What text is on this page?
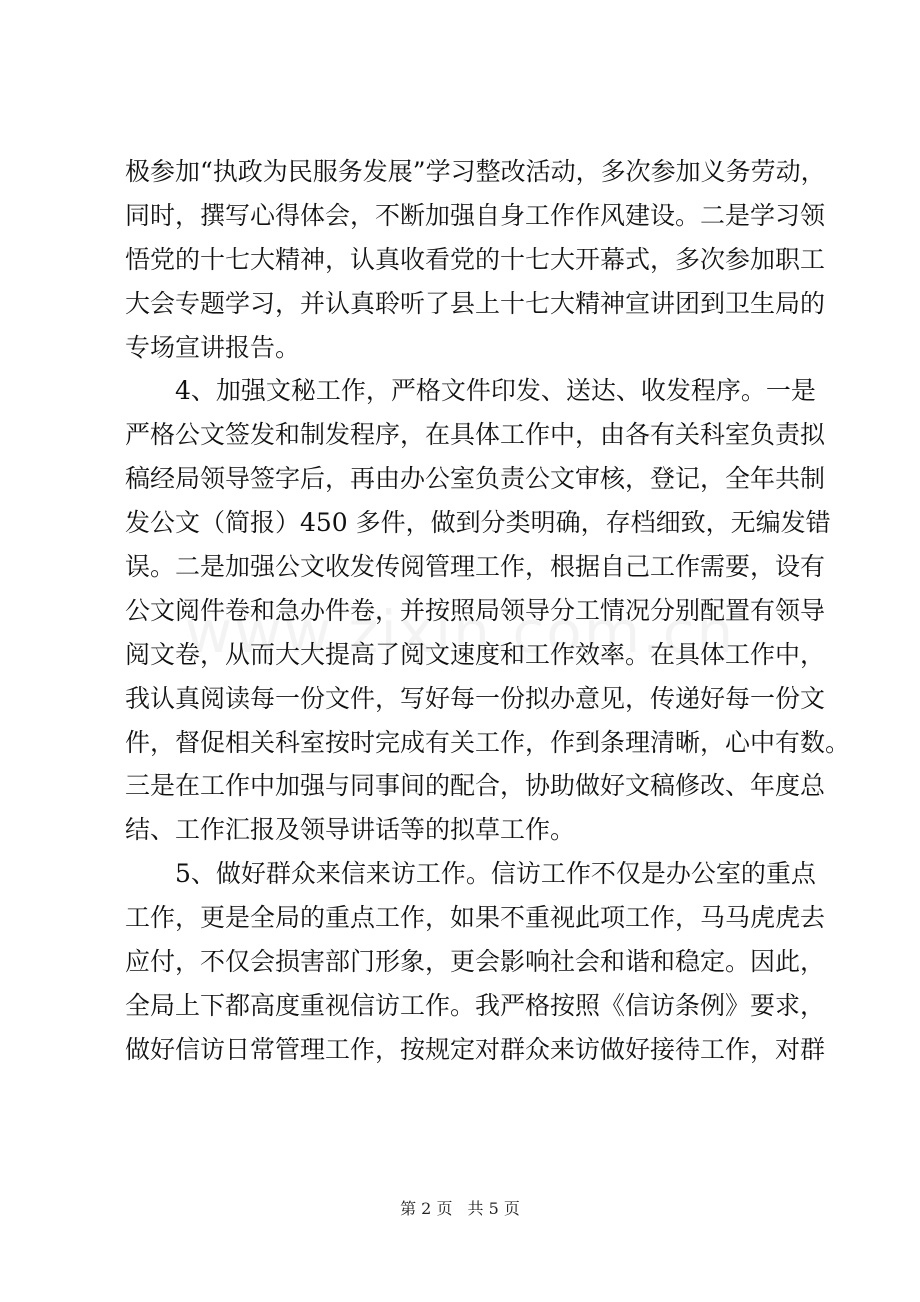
极参加“执政为民服务发展”学习整改活动，多次参加义务劳动，
同时，撰写心得体会，不断加强自身工作作风建设。二是学习领
悟党的十七大精神，认真收看党的十七大开幕式，多次参加职工
大会专题学习，并认真聆听了县上十七大精神宣讲团到卫生局的
专场宣讲报告。
4、加强文秘工作，严格文件印发、送达、收发程序。一是
严格公文签发和制发程序，在具体工作中，由各有关科室负责拟
稿经局领导签字后，再由办公室负责公文审核，登记，全年共制
发公文（简报）450 多件，做到分类明确，存档细致，无编发错
误。二是加强公文收发传阅管理工作，根据自己工作需要，设有
公文阅件卷和急办件卷，并按照局领导分工情况分别配置有领导
阅文卷，从而大大提高了阅文速度和工作效率。在具体工作中，
我认真阅读每一份文件，写好每一份拟办意见，传递好每一份文
件，督促相关科室按时完成有关工作，作到条理清晰，心中有数。
三是在工作中加强与同事间的配合，协助做好文稿修改、年度总
结、工作汇报及领导讲话等的拟草工作。
5、做好群众来信来访工作。信访工作不仅是办公室的重点
工作，更是全局的重点工作，如果不重视此项工作，马马虎虎去
应付，不仅会损害部门形象，更会影响社会和谐和稳定。因此，
全局上下都高度重视信访工作。我严格按照《信访条例》要求，
做好信访日常管理工作，按规定对群众来访做好接待工作，对群
第 2 页 共 5 页
